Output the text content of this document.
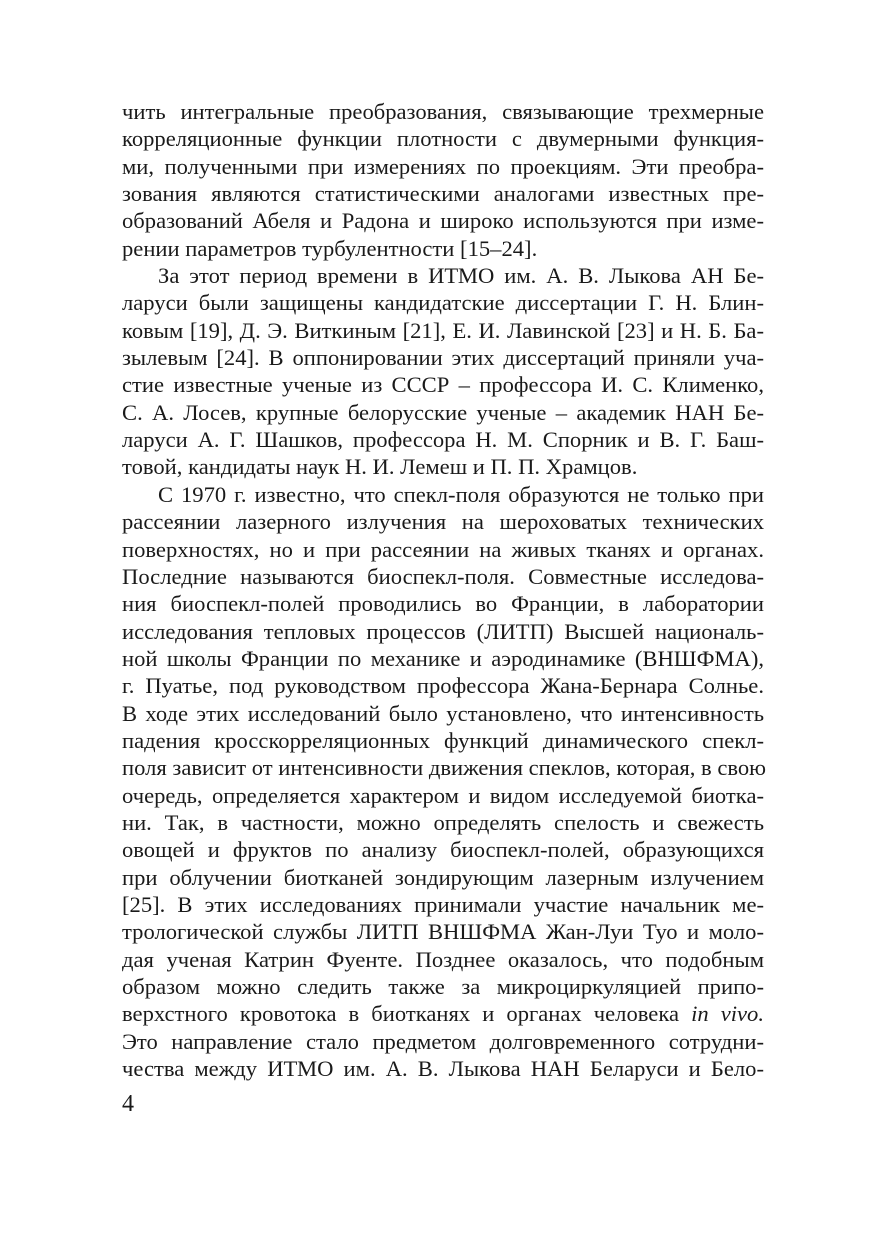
чить интегральные преобразования, связывающие трехмерные
корреляционные функции плотности с двумерными функция-
ми, полученными при измерениях по проекциям. Эти преобра-
зования являются статистическими аналогами известных пре-
образований Абеля и Радона и широко используются при изме-
рении параметров турбулентности [15–24].
За этот период времени в ИТМО им. А. В. Лыкова АН Бе-
ларуси были защищены кандидатские диссертации Г. Н. Блин-
ковым [19], Д. Э. Виткиным [21], Е. И. Лавинской [23] и Н. Б. Ба-
зылевым [24]. В оппонировании этих диссертаций приняли уча-
стие известные ученые из СССР – профессора И. С. Клименко,
С. А. Лосев, крупные белорусские ученые – академик НАН Бе-
ларуси А. Г. Шашков, профессора Н. М. Спорник и В. Г. Баш-
товой, кандидаты наук Н. И. Лемеш и П. П. Храмцов.
С 1970 г. известно, что спекл-поля образуются не только при
рассеянии лазерного излучения на шероховатых технических
поверхностях, но и при рассеянии на живых тканях и органах.
Последние называются биоспекл-поля. Совместные исследова-
ния биоспекл-полей проводились во Франции, в лаборатории
исследования тепловых процессов (ЛИТП) Высшей националь-
ной школы Франции по механике и аэродинамике (ВНШФМА),
г. Пуатье, под руководством профессора Жана-Бернара Солнье.
В ходе этих исследований было установлено, что интенсивность
падения кросскорреляционных функций динамического спекл-
поля зависит от интенсивности движения спеклов, которая, в свою
очередь, определяется характером и видом исследуемой биотка-
ни. Так, в частности, можно определять спелость и свежесть
овощей и фруктов по анализу биоспекл-полей, образующихся
при облучении биотканей зондирующим лазерным излучением
[25]. В этих исследованиях принимали участие начальник ме-
трологической службы ЛИТП ВНШФМА Жан-Луи Туо и моло-
дая ученая Катрин Фуенте. Позднее оказалось, что подобным
образом можно следить также за микроциркуляцией припо-
верхстного кровотока в биотканях и органах человека in vivo.
Это направление стало предметом долговременного сотрудни-
чества между ИТМО им. А. В. Лыкова НАН Беларуси и Бело-
4
